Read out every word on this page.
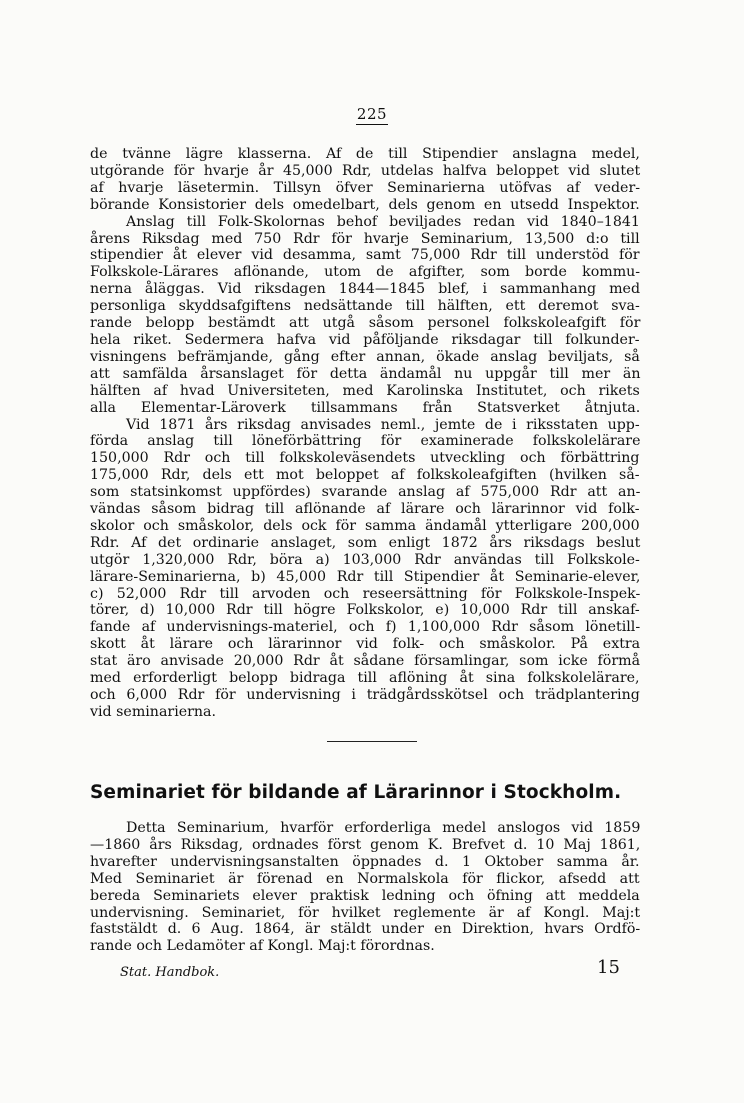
225
de tvänne lägre klasserna. Af de till Stipendier anslagna medel,
utgörande för hvarje år 45,000 Rdr, utdelas halfva beloppet vid slutet
af hvarje läsetermin. Tillsyn öfver Seminarierna utöfvas af veder-
börande Konsistorier dels omedelbart, dels genom en utsedd Inspektor.
Anslag till Folk-Skolornas behof beviljades redan vid 1840–1841
årens Riksdag med 750 Rdr för hvarje Seminarium, 13,500 d:o till
stipendier åt elever vid desamma, samt 75,000 Rdr till understöd för
Folkskole-Lärares aflönande, utom de afgifter, som borde kommu-
nerna åläggas. Vid riksdagen 1844—1845 blef, i sammanhang med
personliga skyddsafgiftens nedsättande till hälften, ett deremot sva-
rande belopp bestämdt att utgå såsom personel folkskoleafgift för
hela riket. Sedermera hafva vid påföljande riksdagar till folkunder-
visningens befrämjande, gång efter annan, ökade anslag beviljats, så
att samfälda årsanslaget för detta ändamål nu uppgår till mer än
hälften af hvad Universiteten, med Karolinska Institutet, och rikets
alla Elementar-Läroverk tillsammans från Statsverket åtnjuta.
Vid 1871 års riksdag anvisades neml., jemte de i riksstaten upp-
förda anslag till löneförbättring för examinerade folkskolelärare
150,000 Rdr och till folkskoleväsendets utveckling och förbättring
175,000 Rdr, dels ett mot beloppet af folkskoleafgiften (hvilken så-
som statsinkomst uppfördes) svarande anslag af 575,000 Rdr att an-
vändas såsom bidrag till aflönande af lärare och lärarinnor vid folk-
skolor och småskolor, dels ock för samma ändamål ytterligare 200,000
Rdr. Af det ordinarie anslaget, som enligt 1872 års riksdags beslut
utgör 1,320,000 Rdr, böra a) 103,000 Rdr användas till Folkskole-
lärare-Seminarierna, b) 45,000 Rdr till Stipendier åt Seminarie-elever,
c) 52,000 Rdr till arvoden och reseersättning för Folkskole-Inspek-
törer, d) 10,000 Rdr till högre Folkskolor, e) 10,000 Rdr till anskaf-
fande af undervisnings-materiel, och f) 1,100,000 Rdr såsom lönetill-
skott åt lärare och lärarinnor vid folk- och småskolor. På extra
stat äro anvisade 20,000 Rdr åt sådane församlingar, som icke förmå
med erforderligt belopp bidraga till aflöning åt sina folkskolelärare,
och 6,000 Rdr för undervisning i trädgårdsskötsel och trädplantering
vid seminarierna.
Seminariet för bildande af Lärarinnor i Stockholm.
Detta Seminarium, hvarför erforderliga medel anslogos vid 1859
—1860 års Riksdag, ordnades först genom K. Brefvet d. 10 Maj 1861,
hvarefter undervisningsanstalten öppnades d. 1 Oktober samma år.
Med Seminariet är förenad en Normalskola för flickor, afsedd att
bereda Seminariets elever praktisk ledning och öfning att meddela
undervisning. Seminariet, för hvilket reglemente är af Kongl. Maj:t
faststäldt d. 6 Aug. 1864, är stäldt under en Direktion, hvars Ordfö-
rande och Ledamöter af Kongl. Maj:t förordnas.
Stat. Handbok.	15
